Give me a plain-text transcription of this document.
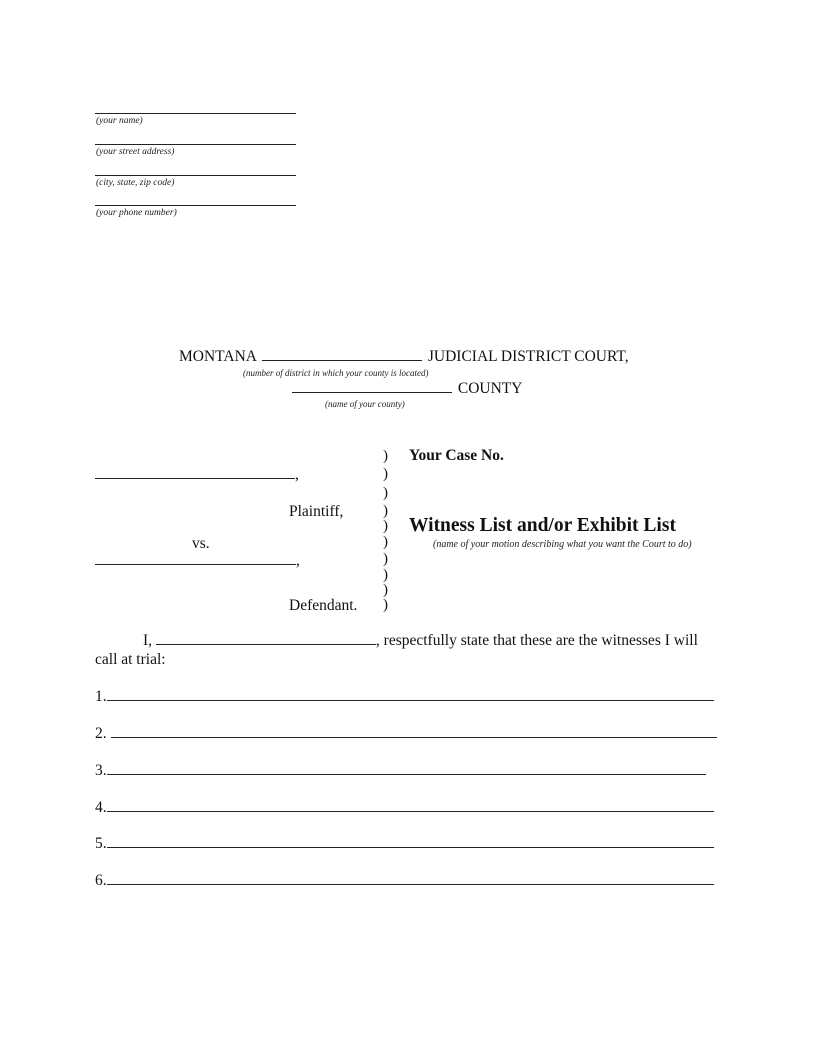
(your name)
(your street address)
(city, state, zip code)
(your phone number)
MONTANA	JUDICIAL DISTRICT COURT,
(number of district in which your county is located)
COUNTY
(name of your county)
,
Plaintiff,
vs.
,
Defendant.
)
)
)
)
)
)
)
)
)
)
Your Case No.
Witness List and/or Exhibit List
(name of your motion describing what you want the Court to do)
I,	, respectfully state that these are the witnesses I will
call at trial:
1.
2.
3.
4.
5.
6.
